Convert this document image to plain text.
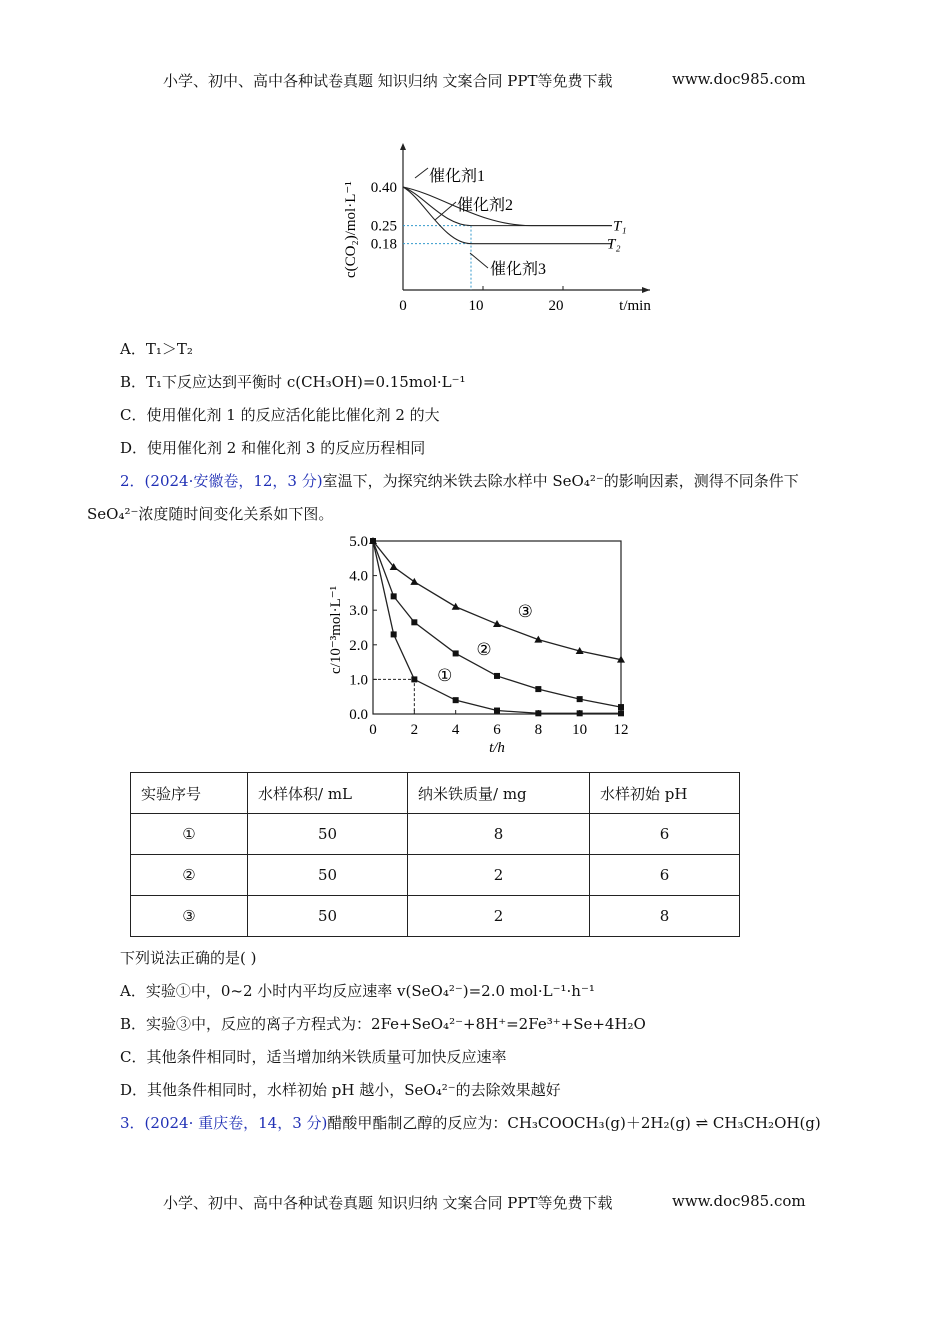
小学、初中、高中各种试卷真题 知识归纳 文案合同 PPT等免费下载	www.doc985.com
0	10	20
0.40
0.25
0.18
t/min
c(CO₂)/mol·L⁻¹
催化剂1
催化剂2
催化剂3
T₁
T₂
A．T₁＞T₂
B．T₁下反应达到平衡时 c(CH₃OH)=0.15mol·L⁻¹
C．使用催化剂 1 的反应活化能比催化剂 2 的大
D．使用催化剂 2 和催化剂 3 的反应历程相同
2．(2024·安徽卷，12，3 分)室温下，为探究纳米铁去除水样中 SeO₄²⁻的影响因素，测得不同条件下
SeO₄²⁻浓度随时间变化关系如下图。
0 2 4 6 8 10 12
0.0
1.0
2.0
3.0
4.0
5.0
t/h
c/10⁻³mol·L⁻¹
①
②
③
实验序号	水样体积/ mL	纳米铁质量/ mg	水样初始 pH
①	50	8	6
②	50	2	6
③	50	2	8
下列说法正确的是( )
A．实验①中，0~2 小时内平均反应速率 v(SeO₄²⁻)=2.0 mol·L⁻¹·h⁻¹
B．实验③中，反应的离子方程式为：2Fe+SeO₄²⁻+8H⁺=2Fe³⁺+Se+4H₂O
C．其他条件相同时，适当增加纳米铁质量可加快反应速率
D．其他条件相同时，水样初始 pH 越小，SeO₄²⁻的去除效果越好
3．(2024· 重庆卷，14，3 分)醋酸甲酯制乙醇的反应为：CH₃COOCH₃(g)＋2H₂(g) ⇌ CH₃CH₂OH(g)
小学、初中、高中各种试卷真题 知识归纳 文案合同 PPT等免费下载	www.doc985.com
